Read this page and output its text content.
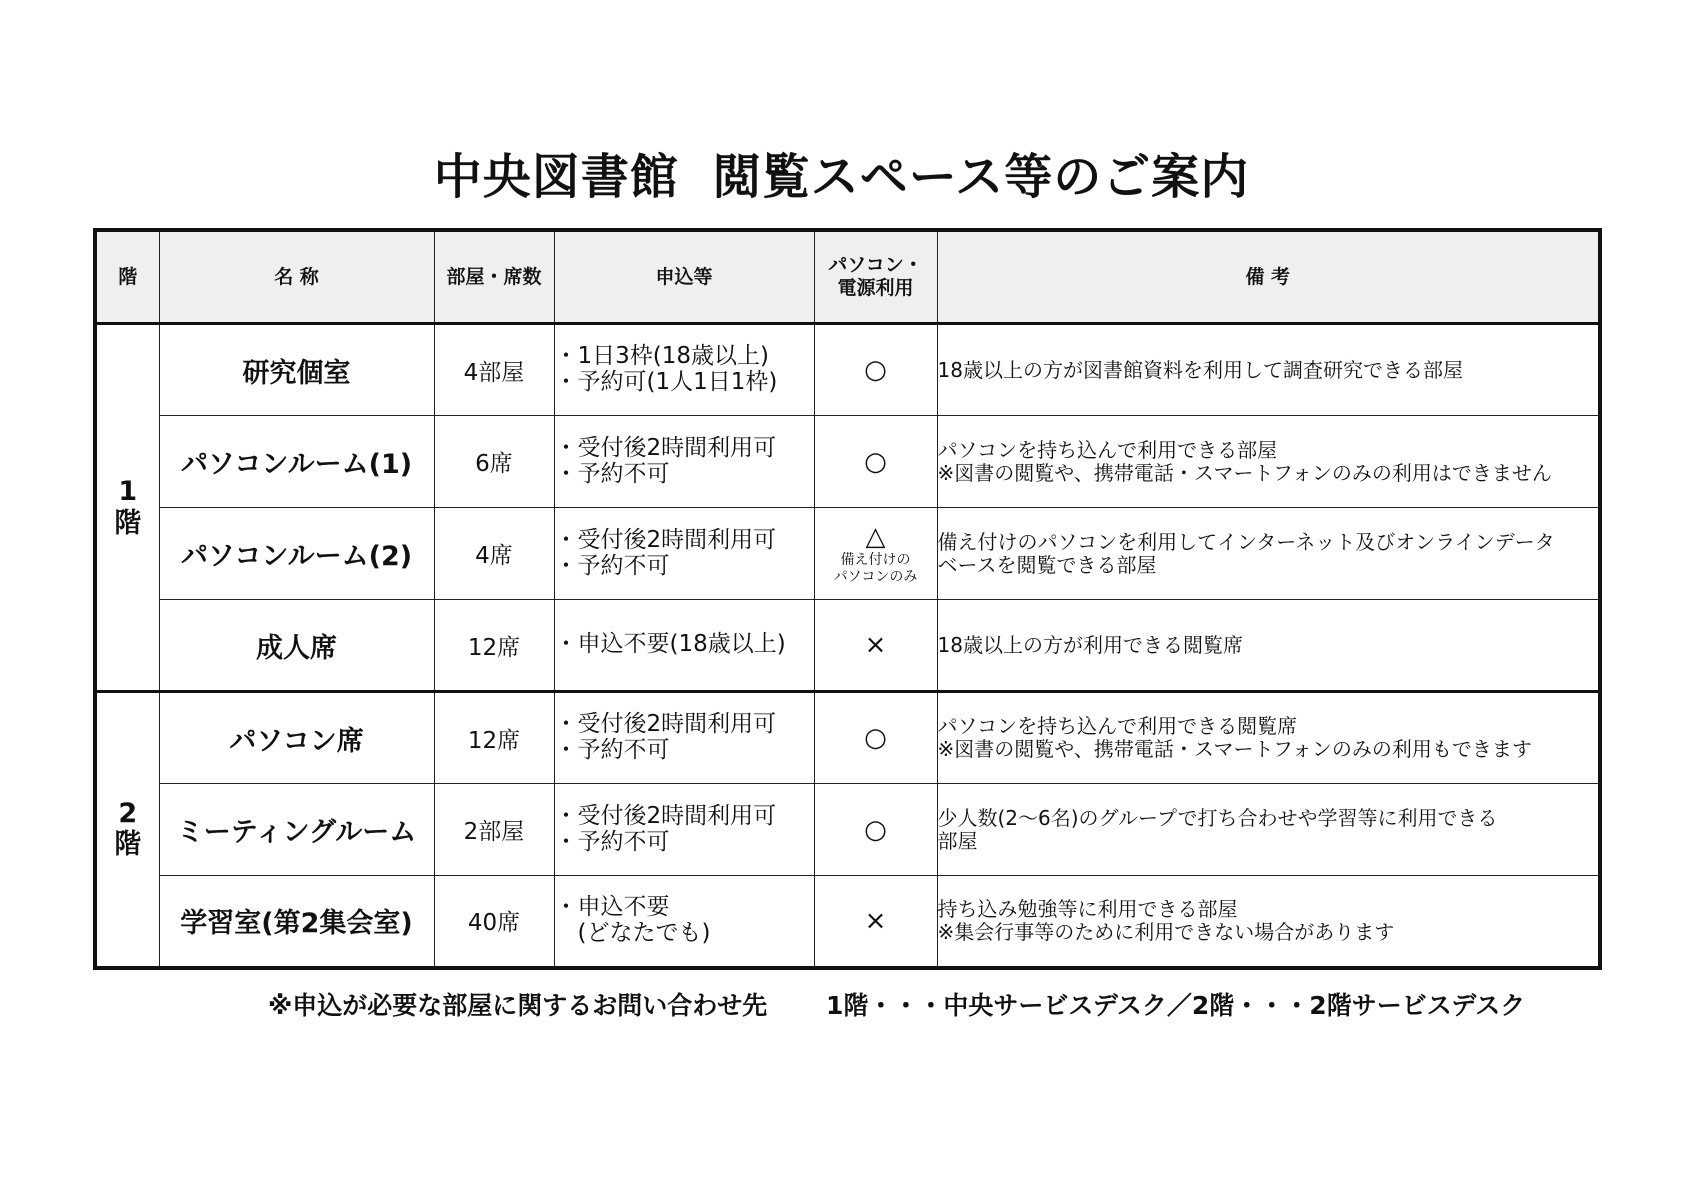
中央図書館 閲覧スペース等のご案内
階	名 称	部屋・席数	申込等	パソコン・
電源利用	備 考
1
階	研究個室	4部屋	・1日3枠(18歳以上)
・予約可(1人1日1枠)	○	18歳以上の方が図書館資料を利用して調査研究できる部屋

	パソコンルーム(1)	6席	・受付後2時間利用可
・予約不可	○	パソコンを持ち込んで利用できる部屋
※図書の閲覧や、携帯電話・スマートフォンのみの利用はできません

	パソコンルーム(2)	4席	・受付後2時間利用可
・予約不可	△
備え付けの
パソコンのみ	備え付けのパソコンを利用してインターネット及びオンラインデータ
ベースを閲覧できる部屋

	成人席	12席	・申込不要(18歳以上)	×	18歳以上の方が利用できる閲覧席

2
階	パソコン席	12席	・受付後2時間利用可
・予約不可	○	パソコンを持ち込んで利用できる閲覧席
※図書の閲覧や、携帯電話・スマートフォンのみの利用もできます

	ミーティングルーム	2部屋	・受付後2時間利用可
・予約不可	○	少人数(2～6名)のグループで打ち合わせや学習等に利用できる
部屋

	学習室(第2集会室)	40席	・申込不要
　(どなたでも)	×	持ち込み勉強等に利用できる部屋
※集会行事等のために利用できない場合があります
※申込が必要な部屋に関するお問い合わせ先 　　1階・・・中央サービスデスク／2階・・・2階サービスデスク
